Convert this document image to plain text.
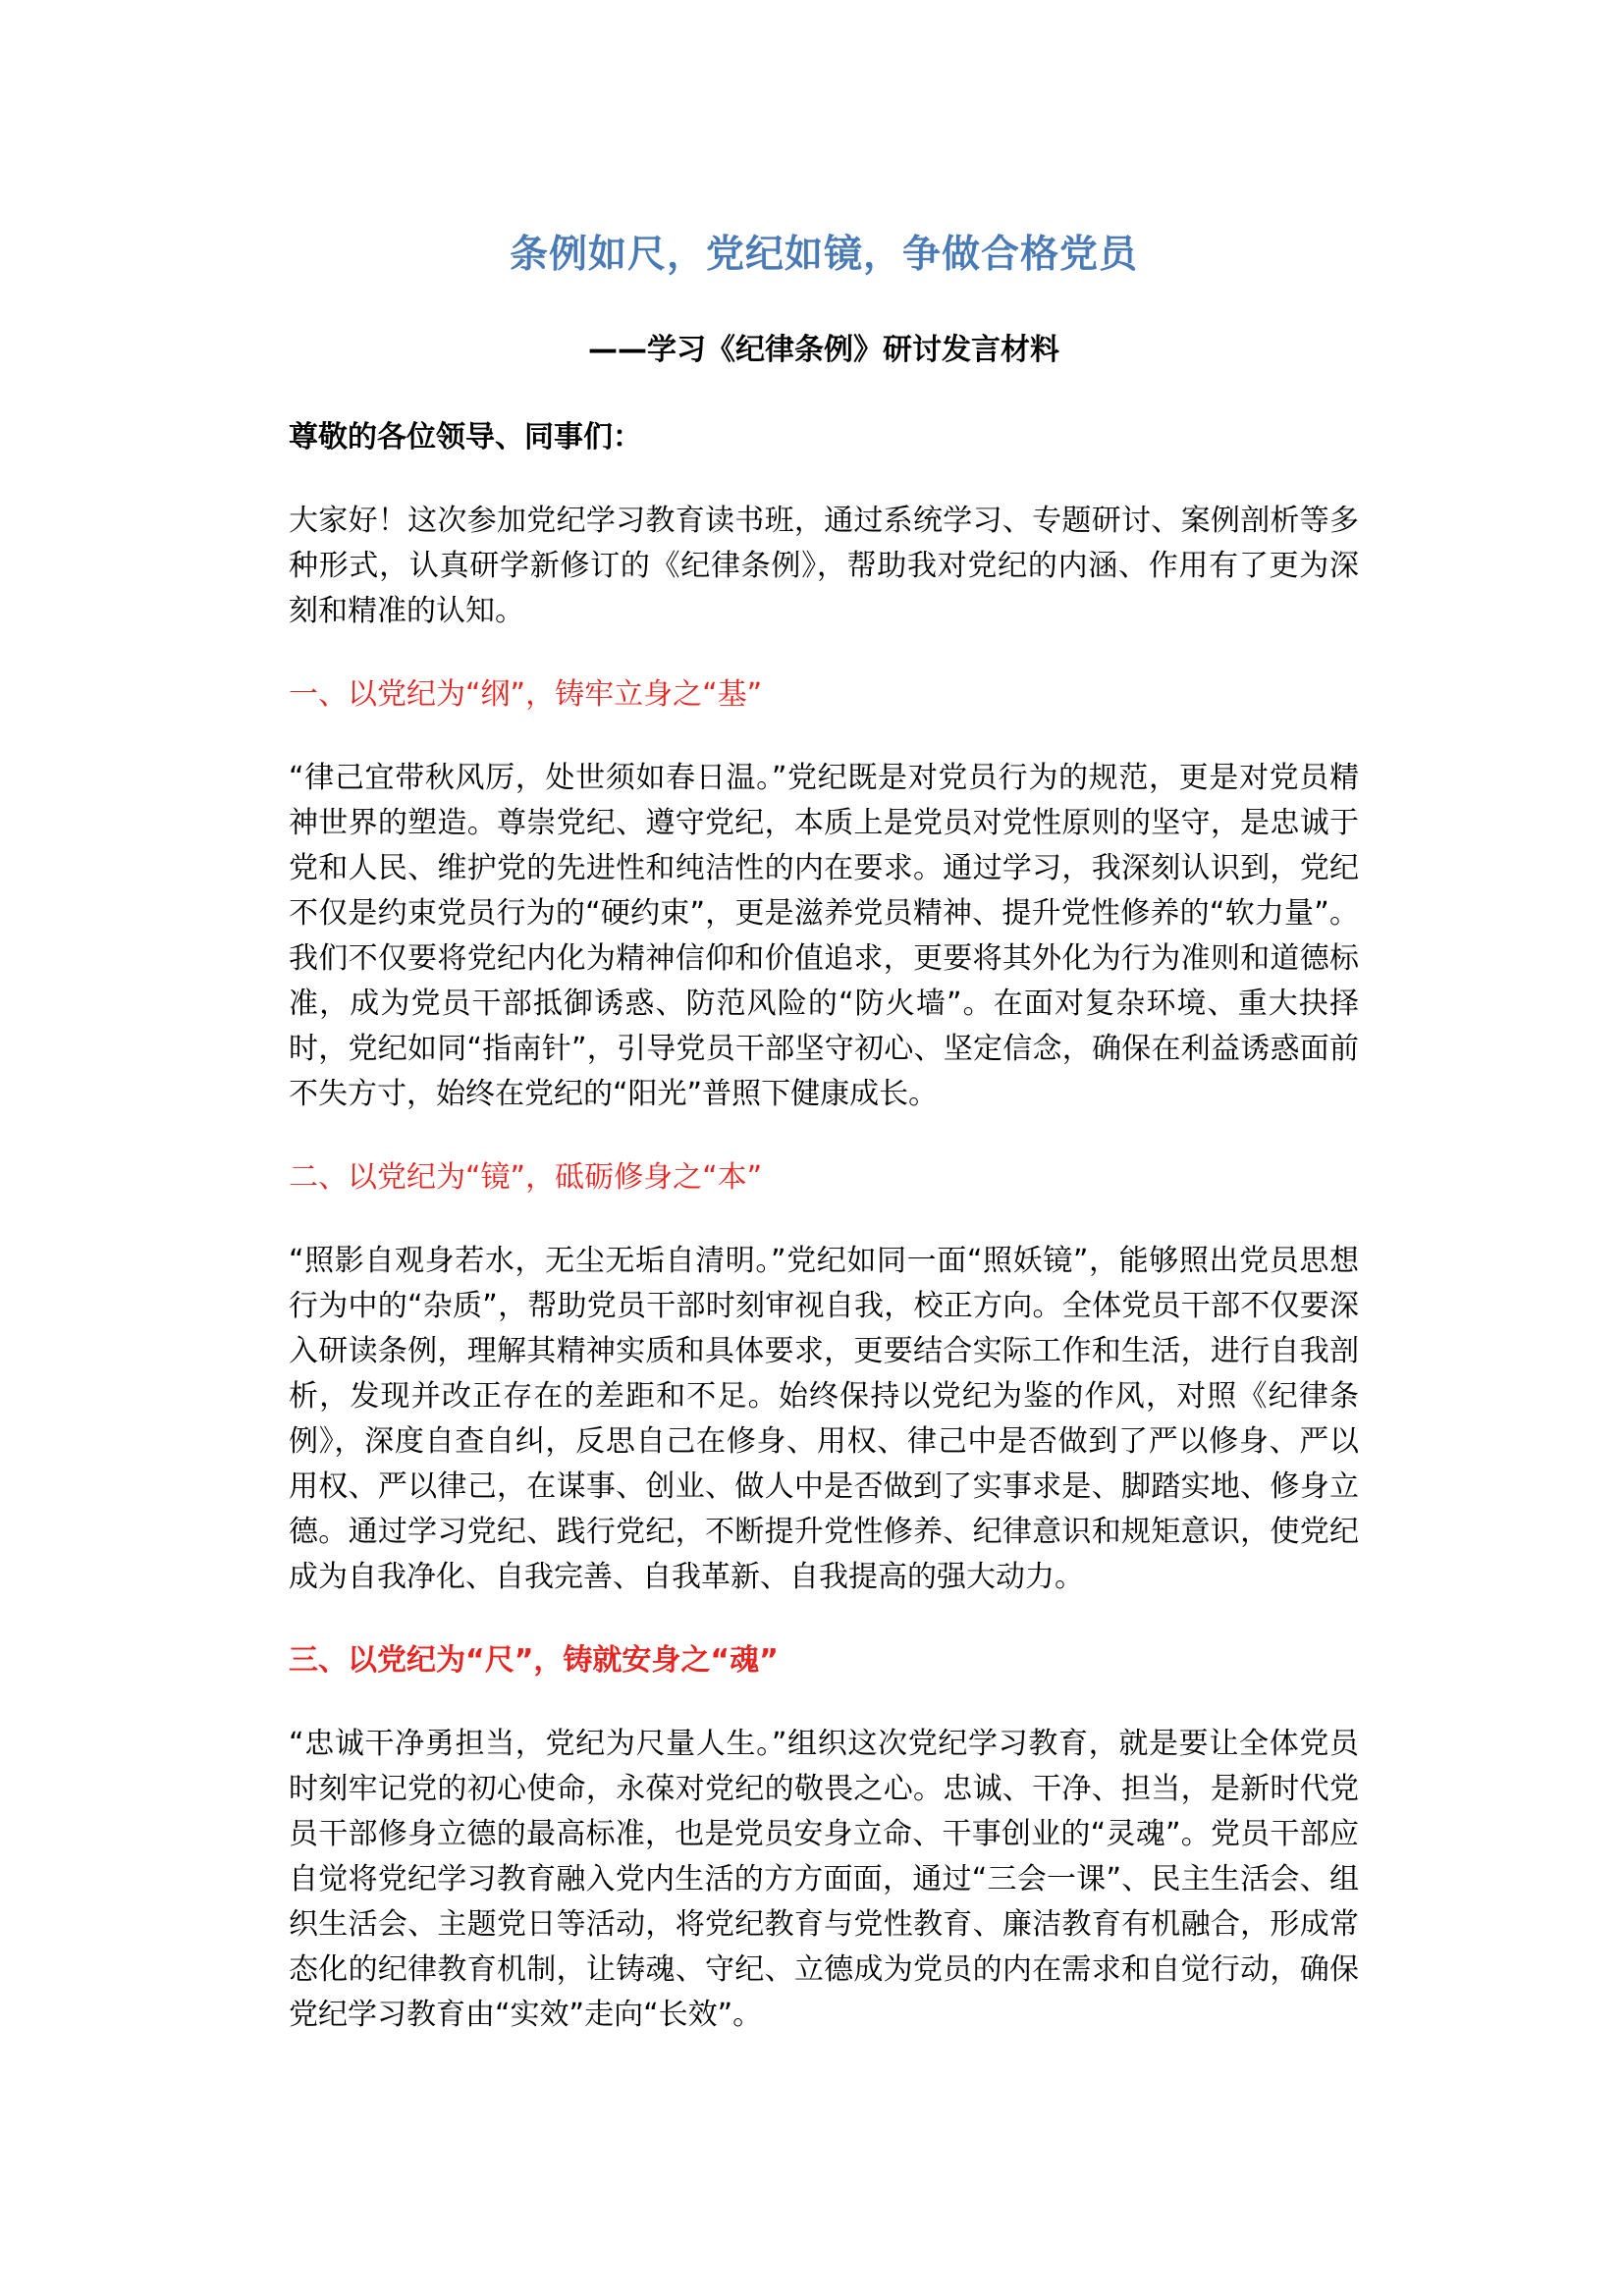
条例如尺，党纪如镜，争做合格党员
——学习《纪律条例》研讨发言材料
尊敬的各位领导、同事们：

大家好！这次参加党纪学习教育读书班，通过系统学习、专题研讨、案例剖析等多种形式，认真研学新修订的《纪律条例》，帮助我对党纪的内涵、作用有了更为深刻和精准的认知。

一、以党纪为“纲”，铸牢立身之“基”

“律己宜带秋风厉，处世须如春日温。”党纪既是对党员行为的规范，更是对党员精神世界的塑造。尊崇党纪、遵守党纪，本质上是党员对党性原则的坚守，是忠诚于党和人民、维护党的先进性和纯洁性的内在要求。通过学习，我深刻认识到，党纪不仅是约束党员行为的“硬约束”，更是滋养党员精神、提升党性修养的“软力量”。我们不仅要将党纪内化为精神信仰和价值追求，更要将其外化为行为准则和道德标准，成为党员干部抵御诱惑、防范风险的“防火墙”。在面对复杂环境、重大抉择时，党纪如同“指南针”，引导党员干部坚守初心、坚定信念，确保在利益诱惑面前不失方寸，始终在党纪的“阳光”普照下健康成长。

二、以党纪为“镜”，砥砺修身之“本”

“照影自观身若水，无尘无垢自清明。”党纪如同一面“照妖镜”，能够照出党员思想行为中的“杂质”，帮助党员干部时刻审视自我，校正方向。全体党员干部不仅要深入研读条例，理解其精神实质和具体要求，更要结合实际工作和生活，进行自我剖析，发现并改正存在的差距和不足。始终保持以党纪为鉴的作风，对照《纪律条例》，深度自查自纠，反思自己在修身、用权、律己中是否做到了严以修身、严以用权、严以律己，在谋事、创业、做人中是否做到了实事求是、脚踏实地、修身立德。通过学习党纪、践行党纪，不断提升党性修养、纪律意识和规矩意识，使党纪成为自我净化、自我完善、自我革新、自我提高的强大动力。

三、以党纪为“尺”，铸就安身之“魂”

“忠诚干净勇担当，党纪为尺量人生。”组织这次党纪学习教育，就是要让全体党员时刻牢记党的初心使命，永葆对党纪的敬畏之心。忠诚、干净、担当，是新时代党员干部修身立德的最高标准，也是党员安身立命、干事创业的“灵魂”。党员干部应自觉将党纪学习教育融入党内生活的方方面面，通过“三会一课”、民主生活会、组织生活会、主题党日等活动，将党纪教育与党性教育、廉洁教育有机融合，形成常态化的纪律教育机制，让铸魂、守纪、立德成为党员的内在需求和自觉行动，确保党纪学习教育由“实效”走向“长效”。
